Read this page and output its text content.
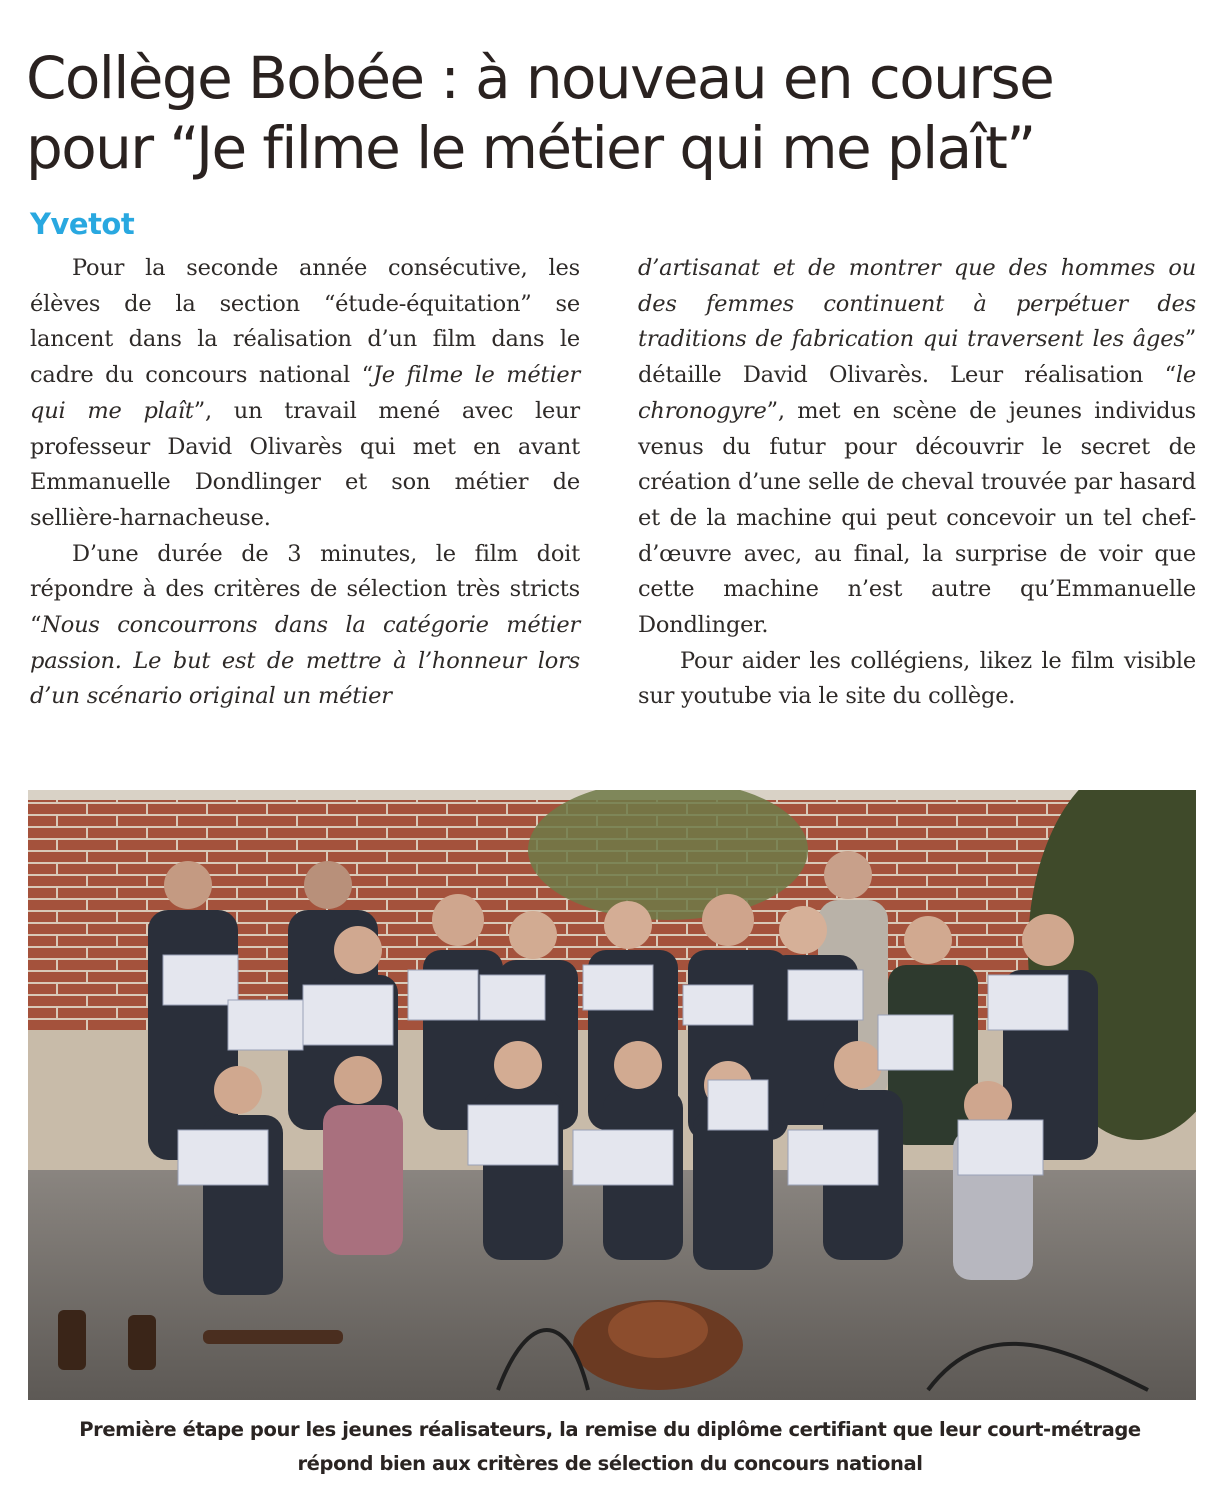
Collège Bobée : à nouveau en course
pour “Je filme le métier qui me plaît”
Yvetot

Pour la seconde année consécutive, les élèves de la section “étude-équitation” se lancent dans la réalisation d’un film dans le cadre du concours national “Je filme le métier qui me plaît”, un travail mené avec leur professeur David Olivarès qui met en avant Emmanuelle Dondlinger et son métier de sellière-harnacheuse.

D’une durée de 3 minutes, le film doit répondre à des critères de sélection très stricts “Nous concourrons dans la catégorie métier passion. Le but est de mettre à l’honneur lors d’un scénario original un métier

d’artisanat et de montrer que des hommes ou des femmes continuent à perpétuer des traditions de fabrication qui traversent les âges” détaille David Olivarès. Leur réalisation “le chronogyre”, met en scène de jeunes individus venus du futur pour découvrir le secret de création d’une selle de cheval trouvée par hasard et de la machine qui peut concevoir un tel chef-d’œuvre avec, au final, la surprise de voir que cette machine n’est autre qu’Emmanuelle Dondlinger.

Pour aider les collégiens, likez le film visible sur youtube via le site du collège.

Première étape pour les jeunes réalisateurs, la remise du diplôme certifiant que leur court-métrage
répond bien aux critères de sélection du concours national
